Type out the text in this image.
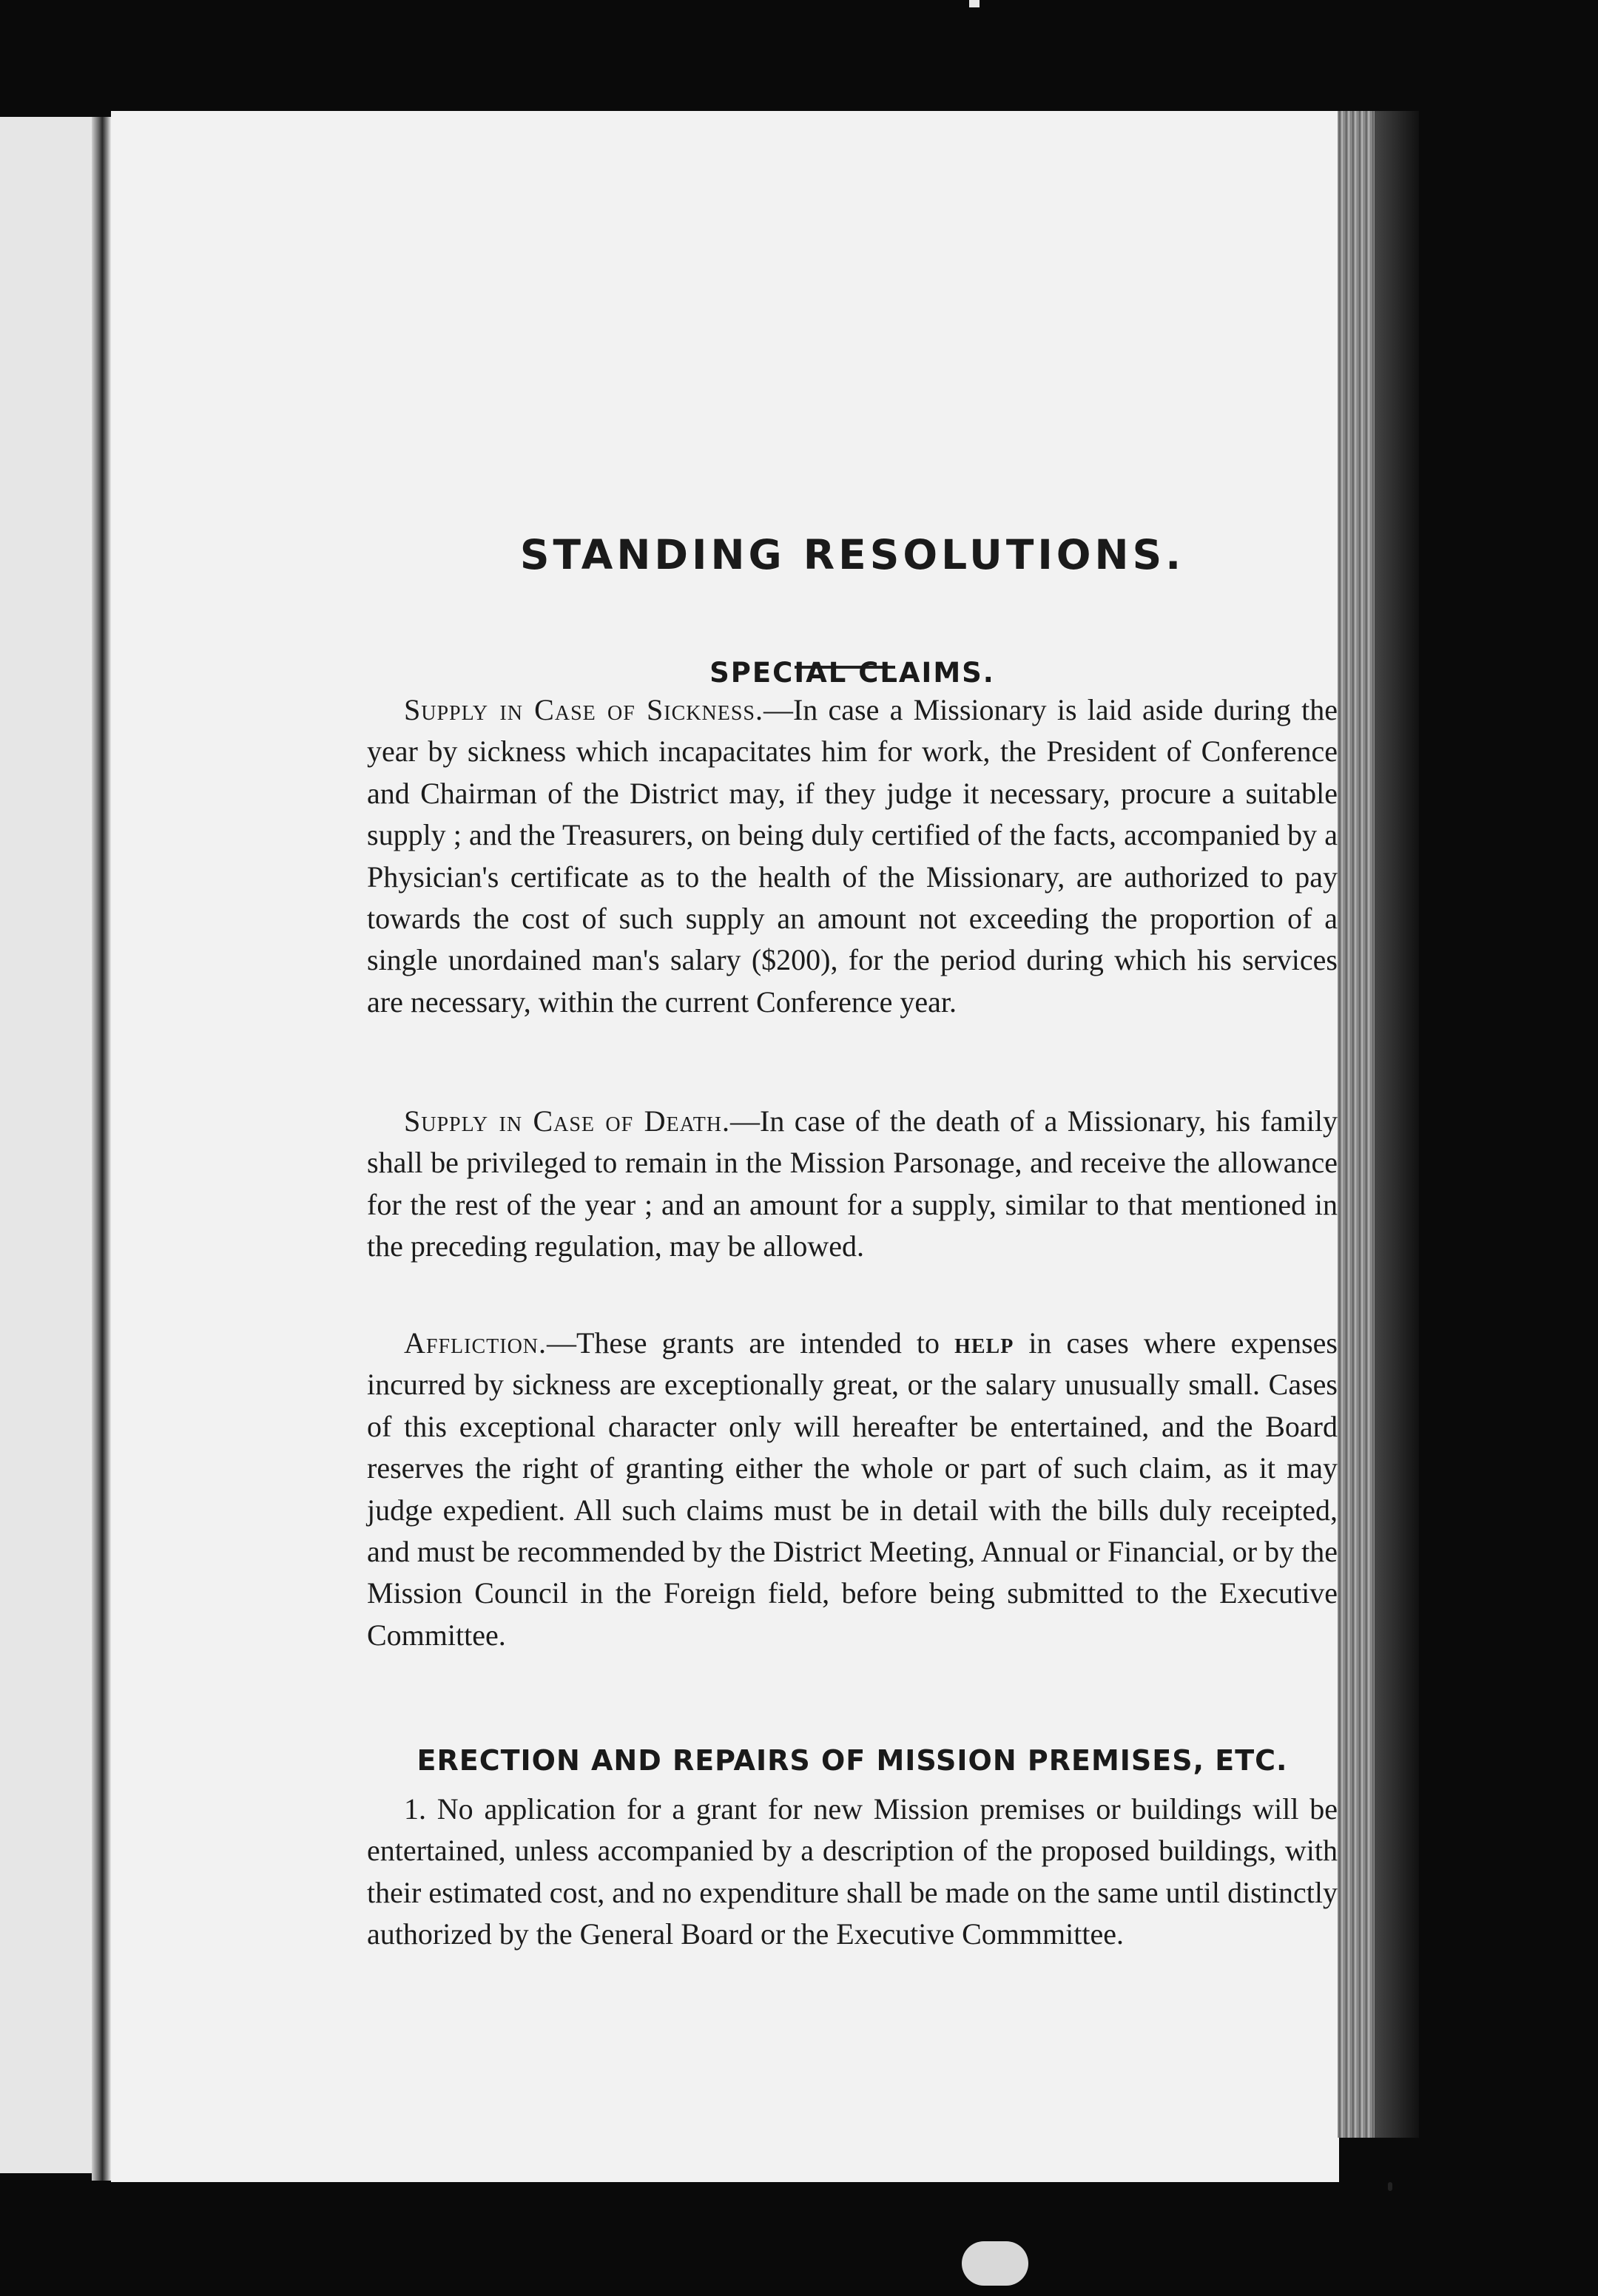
STANDING RESOLUTIONS.
SPECIAL CLAIMS.

Supply in Case of Sickness.—In case a Missionary is laid aside during the year by sickness which incapacitates him for work, the President of Conference and Chairman of the District may, if they judge it necessary, procure a suitable supply ; and the Treasurers, on being duly certified of the facts, accompanied by a Physician's certificate as to the health of the Missionary, are authorized to pay towards the cost of such supply an amount not exceeding the proportion of a single unordained man's salary ($200), for the period during which his services are necessary, within the current Conference year.

Supply in Case of Death.—In case of the death of a Missionary, his family shall be privileged to remain in the Mission Parsonage, and receive the allowance for the rest of the year ; and an amount for a supply, similar to that mentioned in the preceding regulation, may be allowed.

Affliction.—These grants are intended to help in cases where expenses incurred by sickness are exceptionally great, or the salary unusually small. Cases of this exceptional character only will hereafter be entertained, and the Board reserves the right of granting either the whole or part of such claim, as it may judge expedient. All such claims must be in detail with the bills duly receipted, and must be recommended by the District Meeting, Annual or Financial, or by the Mission Council in the Foreign field, before being submitted to the Executive Committee.

ERECTION AND REPAIRS OF MISSION PREMISES, ETC.

1. No application for a grant for new Mission premises or buildings will be entertained, unless accompanied by a description of the proposed buildings, with their estimated cost, and no expenditure shall be made on the same until distinctly authorized by the General Board or the Executive Commmittee.
